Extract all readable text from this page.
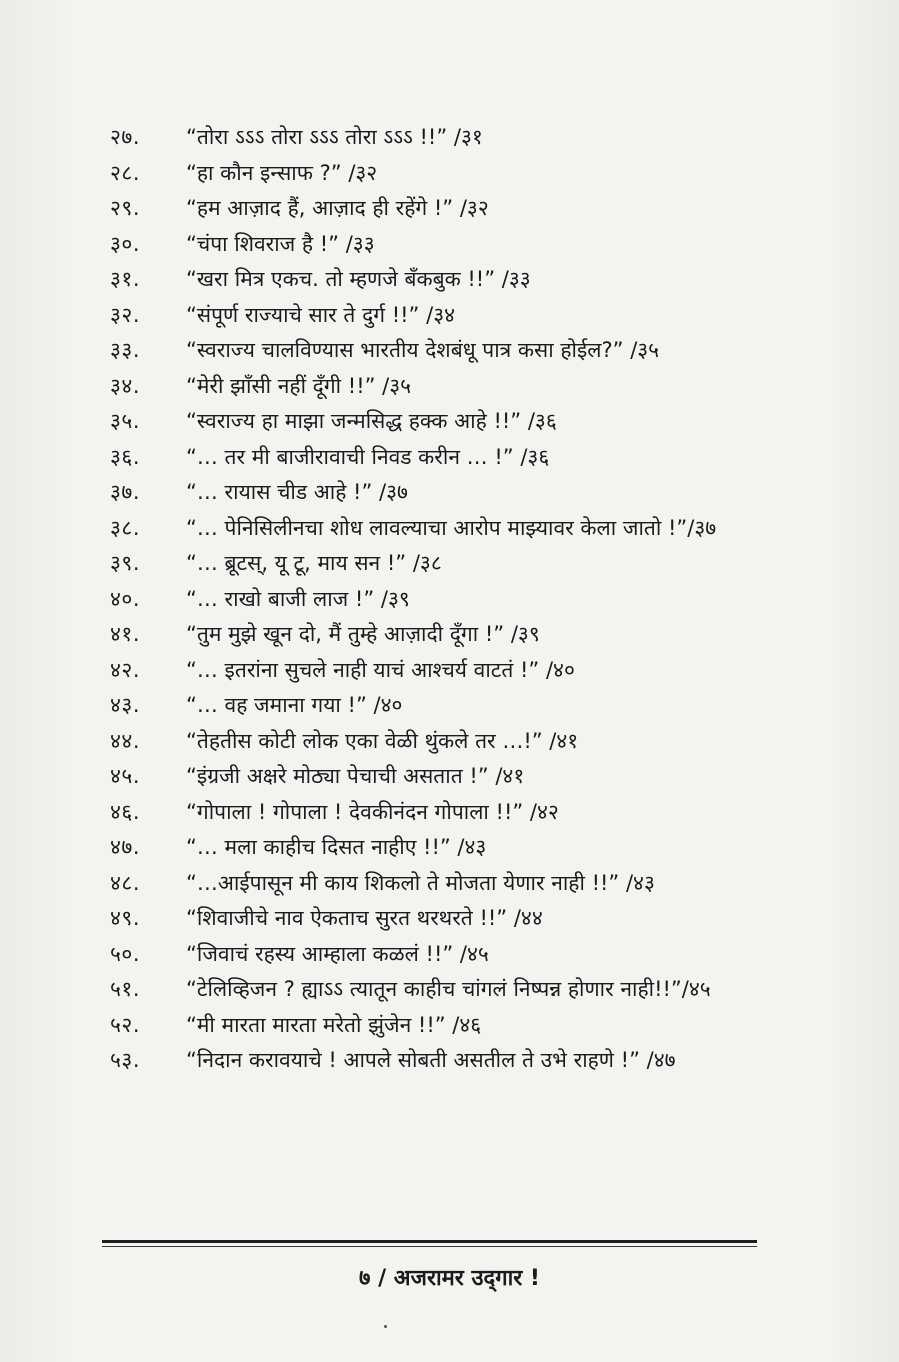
२७.	“तोरा ऽऽऽ तोरा ऽऽऽ तोरा ऽऽऽ !!” /३१
२८.	“हा कौन इन्साफ ?” /३२
२९.	“हम आज़ाद हैं, आज़ाद ही रहेंगे !” /३२
३०.	“चंपा शिवराज है !” /३३
३१.	“खरा मित्र एकच. तो म्हणजे बँकबुक !!” /३३
३२.	“संपूर्ण राज्याचे सार ते दुर्ग !!” /३४
३३.	“स्वराज्य चालविण्यास भारतीय देशबंधू पात्र कसा होईल?” /३५
३४.	“मेरी झाँसी नहीं दूँगी !!” /३५
३५.	“स्वराज्य हा माझा जन्मसिद्ध हक्क आहे !!” /३६
३६.	“… तर मी बाजीरावाची निवड करीन … !” /३६
३७.	“… रायास चीड आहे !” /३७
३८.	“… पेनिसिलीनचा शोध लावल्याचा आरोप माझ्यावर केला जातो !”/३७
३९.	“… ब्रूटस्, यू टू, माय सन !” /३८
४०.	“… राखो बाजी लाज !” /३९
४१.	“तुम मुझे खून दो, मैं तुम्हे आज़ादी दूँगा !” /३९
४२.	“… इतरांना सुचले नाही याचं आश्चर्य वाटतं !” /४०
४३.	“… वह जमाना गया !” /४०
४४.	“तेहतीस कोटी लोक एका वेळी थुंकले तर …!” /४१
४५.	“इंग्रजी अक्षरे मोठ्या पेचाची असतात !” /४१
४६.	“गोपाला ! गोपाला ! देवकीनंदन गोपाला !!” /४२
४७.	“… मला काहीच दिसत नाहीए !!” /४३
४८.	“…आईपासून मी काय शिकलो ते मोजता येणार नाही !!” /४३
४९.	“शिवाजीचे नाव ऐकताच सुरत थरथरते !!” /४४
५०.	“जिवाचं रहस्य आम्हाला कळलं !!” /४५
५१.	“टेलिव्हिजन ? ह्याऽऽ त्यातून काहीच चांगलं निष्पन्न होणार नाही!!”/४५
५२.	“मी मारता मारता मरेतो झुंजेन !!” /४६
५३.	“निदान करावयाचे ! आपले सोबती असतील ते उभे राहणे !” /४७
७ / अजरामर उद्‌गार !
